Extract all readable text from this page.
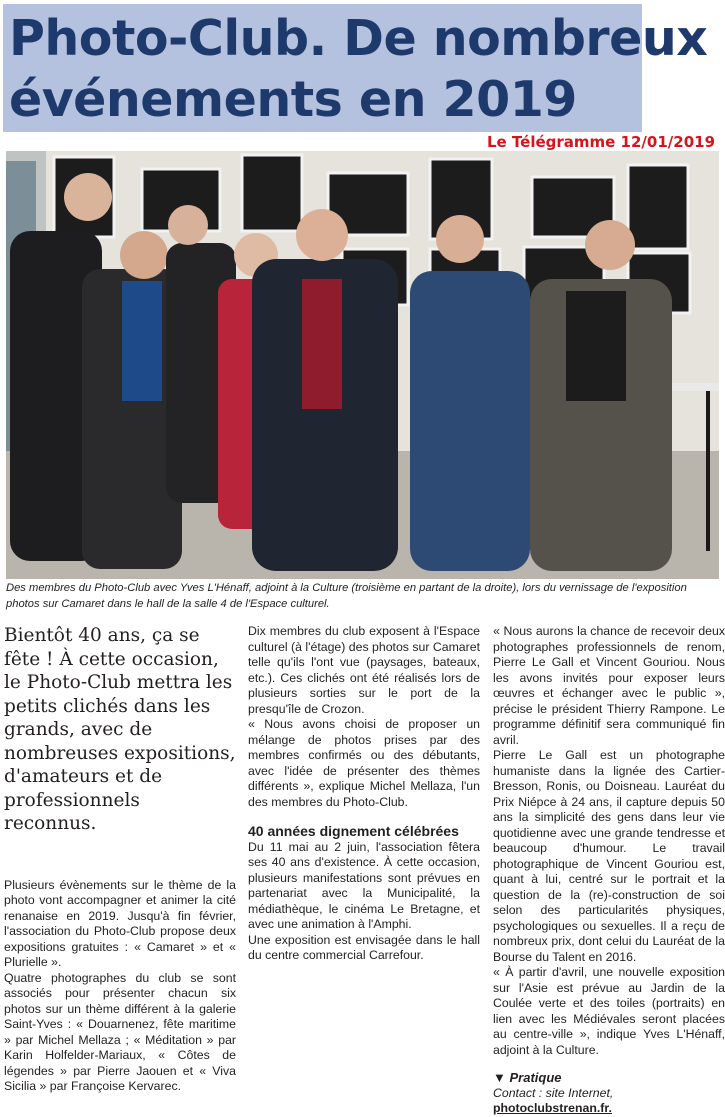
Photo-Club. De nombreux
événements en 2019
Le Télégramme 12/01/2019

Des membres du Photo-Club avec Yves L'Hénaff, adjoint à la Culture (troisième en partant de la droite), lors du vernissage de l'exposition photos sur Camaret dans le hall de la salle 4 de l'Espace culturel.

Bientôt 40 ans, ça se fête ! À cette occasion, le Photo-Club mettra les petits clichés dans les grands, avec de nombreuses expositions, d'amateurs et de professionnels reconnus.

Plusieurs évènements sur le thème de la photo vont accompagner et animer la cité renanaise en 2019. Jusqu'à fin février, l'association du Photo-Club propose deux expositions gratuites : « Camaret » et « Plurielle ».

Quatre photographes du club se sont associés pour présenter chacun six photos sur un thème différent à la galerie Saint-Yves : « Douarnenez, fête maritime » par Michel Mellaza ; « Méditation » par Karin Holfelder-Mariaux, « Côtes de légendes » par Pierre Jaouen et « Viva Sicilia » par Françoise Kervarec.

Dix membres du club exposent à l'Espace culturel (à l'étage) des photos sur Camaret telle qu'ils l'ont vue (paysages, bateaux, etc.). Ces clichés ont été réalisés lors de plusieurs sorties sur le port de la presqu'île de Crozon.

« Nous avons choisi de proposer un mélange de photos prises par des membres confirmés ou des débutants, avec l'idée de présenter des thèmes différents », explique Michel Mellaza, l'un des membres du Photo-Club.

40 années dignement célébrées

Du 11 mai au 2 juin, l'association fêtera ses 40 ans d'existence. À cette occasion, plusieurs manifestations sont prévues en partenariat avec la Municipalité, la médiathèque, le cinéma Le Bretagne, et avec une animation à l'Amphi.

Une exposition est envisagée dans le hall du centre commercial Carrefour.

« Nous aurons la chance de recevoir deux photographes professionnels de renom, Pierre Le Gall et Vincent Gouriou. Nous les avons invités pour exposer leurs œuvres et échanger avec le public », précise le président Thierry Rampone. Le programme définitif sera communiqué fin avril.

Pierre Le Gall est un photographe humaniste dans la lignée des Cartier-Bresson, Ronis, ou Doisneau. Lauréat du Prix Niépce à 24 ans, il capture depuis 50 ans la simplicité des gens dans leur vie quotidienne avec une grande tendresse et beaucoup d'humour. Le travail photographique de Vincent Gouriou est, quant à lui, centré sur le portrait et la question de la (re)-construction de soi selon des particularités physiques, psychologiques ou sexuelles. Il a reçu de nombreux prix, dont celui du Lauréat de la Bourse du Talent en 2016.

« À partir d'avril, une nouvelle exposition sur l'Asie est prévue au Jardin de la Coulée verte et des toiles (portraits) en lien avec les Médiévales seront placées au centre-ville », indique Yves L'Hénaff, adjoint à la Culture.

▼ Pratique

Contact : site Internet,

photoclubstrenan.fr.
